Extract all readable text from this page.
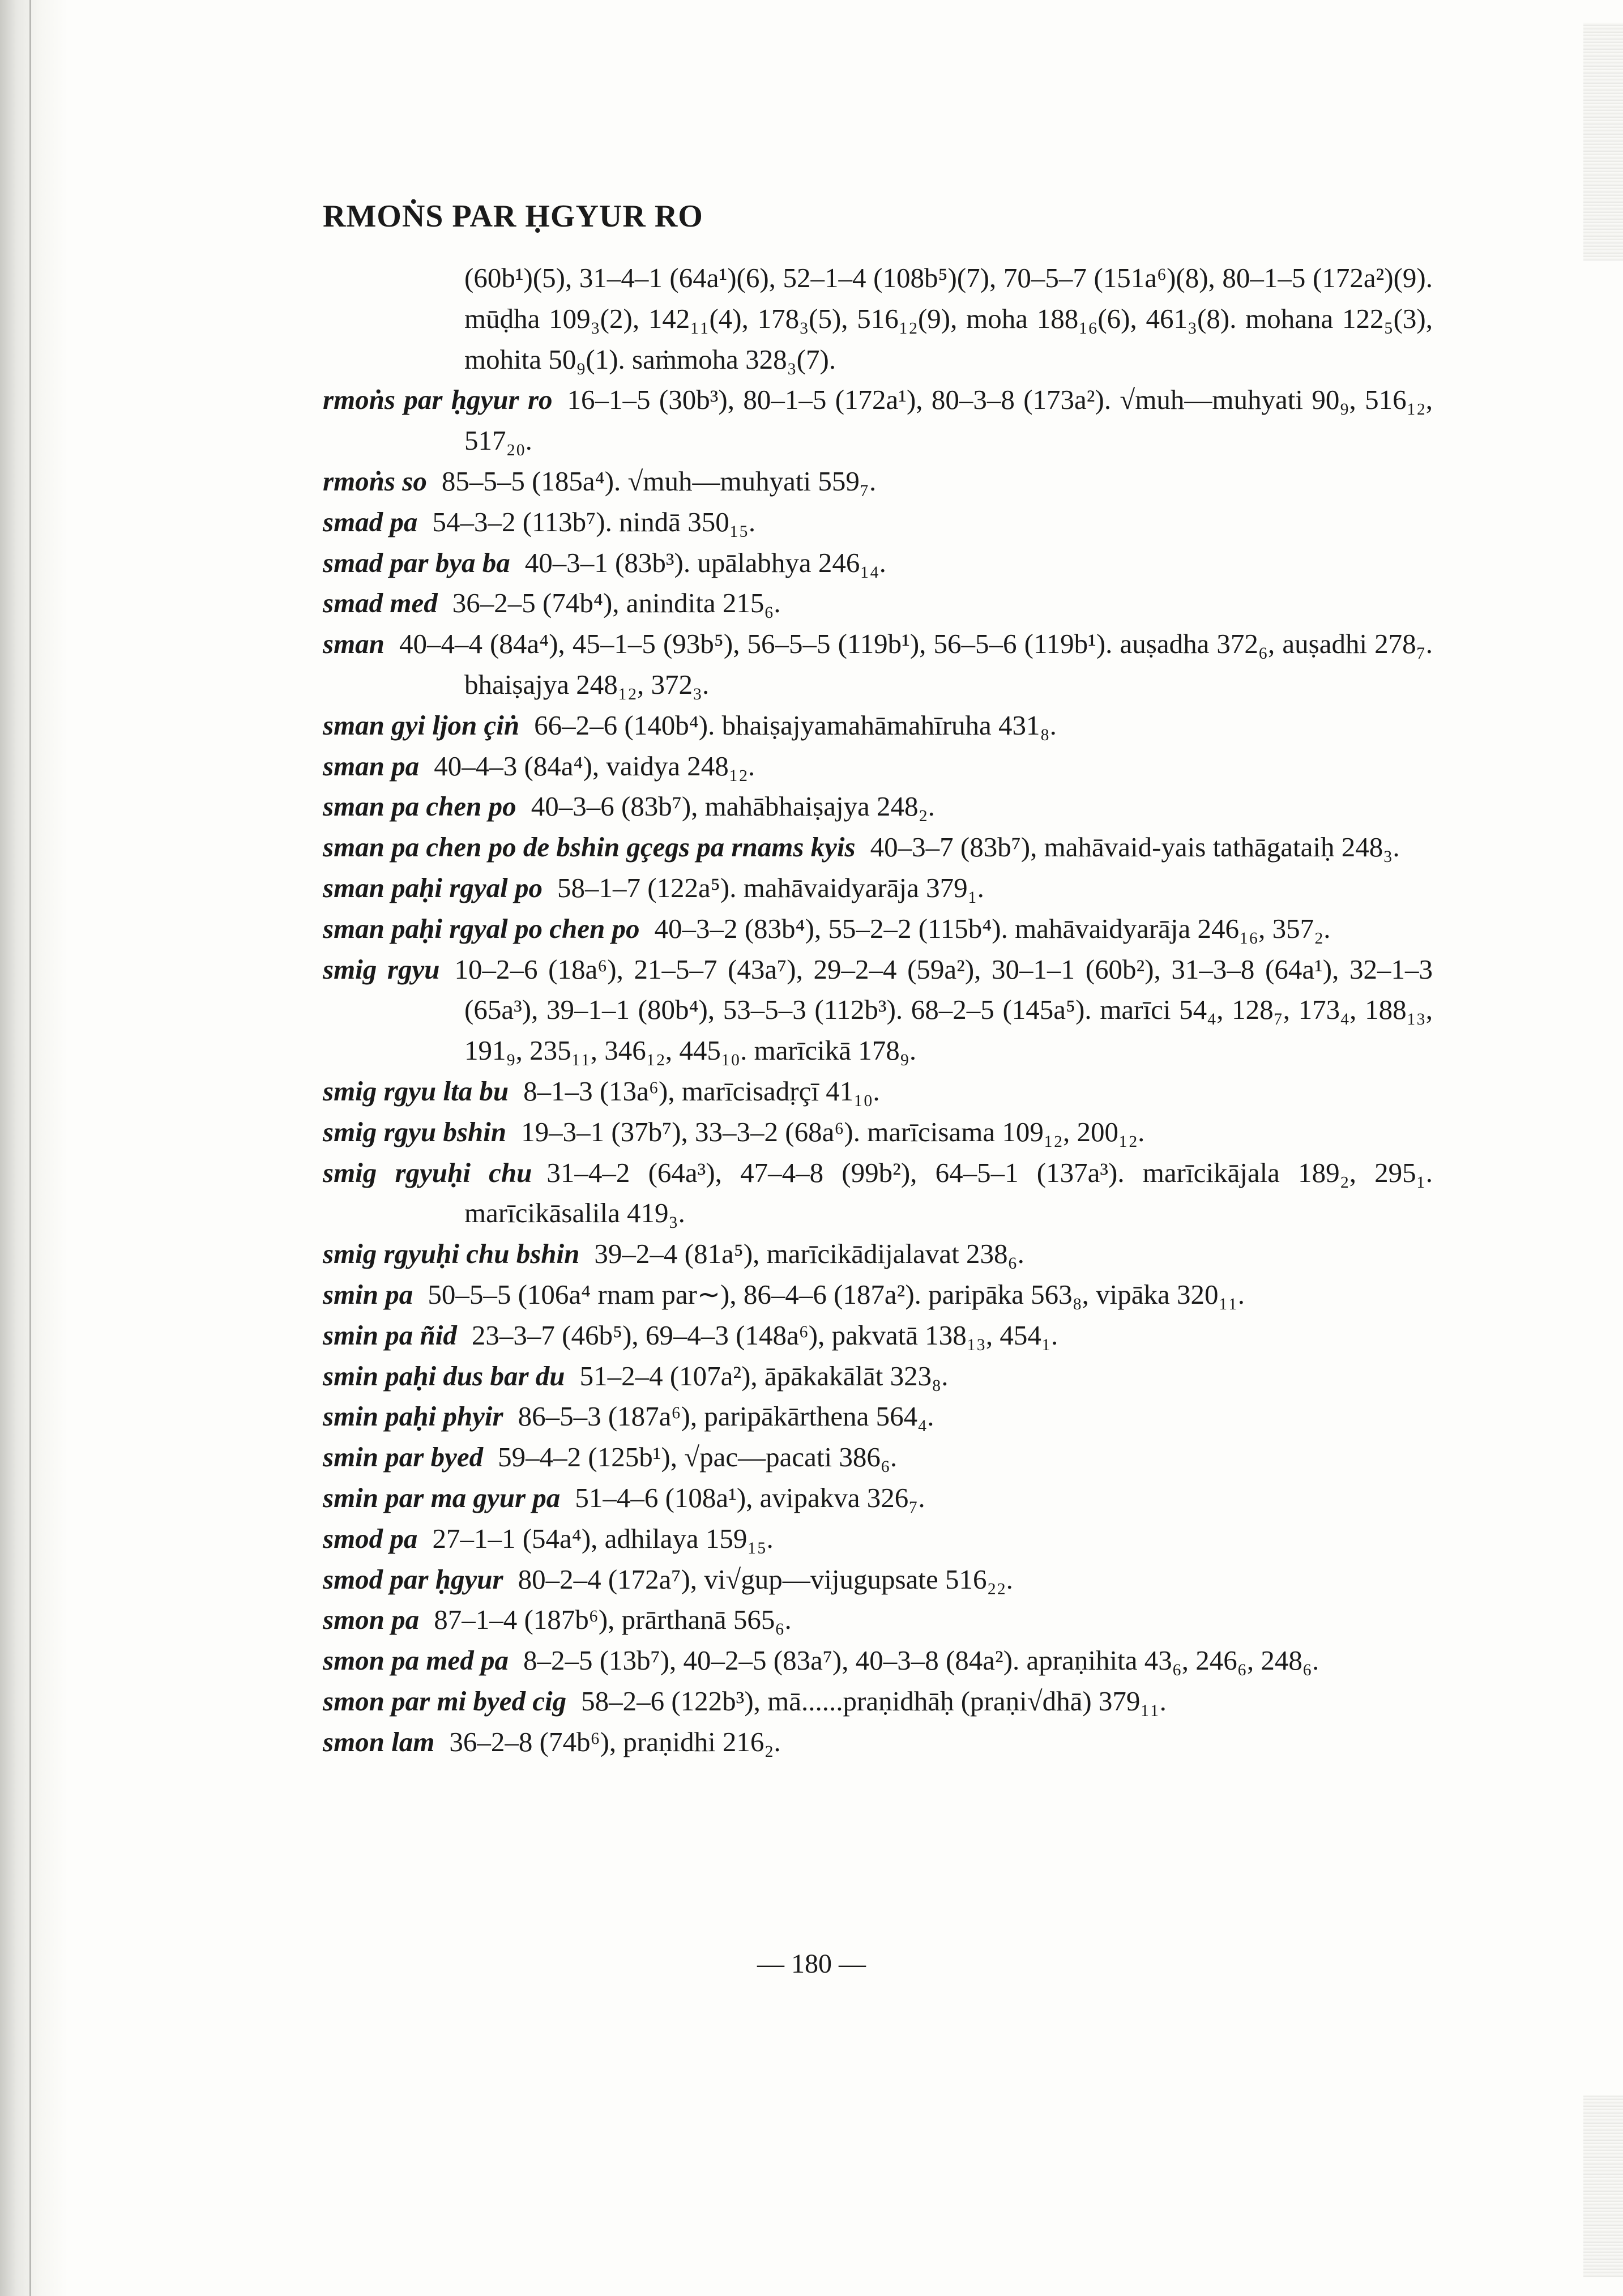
RMOṄS PAR ḤGYUR RO
(60b¹)(5), 31–4–1 (64a¹)(6), 52–1–4 (108b⁵)(7), 70–5–7 (151a⁶)(8), 80–1–5 (172a²)(9). mūḍha 109₃(2), 142₁₁(4), 178₃(5), 516₁₂(9), moha 188₁₆(6), 461₃(8). mohana 122₅(3), mohita 50₉(1). saṁmoha 328₃(7).
rmoṅs par ḥgyur ro 16–1–5 (30b³), 80–1–5 (172a¹), 80–3–8 (173a²). √muh—muhyati 90₉, 516₁₂, 517₂₀.
rmoṅs so 85–5–5 (185a⁴). √muh—muhyati 559₇.
smad pa 54–3–2 (113b⁷). nindā 350₁₅.
smad par bya ba 40–3–1 (83b³). upālabhya 246₁₄.
smad med 36–2–5 (74b⁴), anindita 215₆.
sman 40–4–4 (84a⁴), 45–1–5 (93b⁵), 56–5–5 (119b¹), 56–5–6 (119b¹). auṣadha 372₆, auṣadhi 278₇. bhaiṣajya 248₁₂, 372₃.
sman gyi ljon çiṅ 66–2–6 (140b⁴). bhaiṣajyamahāmahīruha 431₈.
sman pa 40–4–3 (84a⁴), vaidya 248₁₂.
sman pa chen po 40–3–6 (83b⁷), mahābhaiṣajya 248₂.
sman pa chen po de bshin gçegs pa rnams kyis 40–3–7 (83b⁷), mahāvaid-yais tathāgataiḥ 248₃.
sman paḥi rgyal po 58–1–7 (122a⁵). mahāvaidyarāja 379₁.
sman paḥi rgyal po chen po 40–3–2 (83b⁴), 55–2–2 (115b⁴). mahāvaidyarāja 246₁₆, 357₂.
smig rgyu 10–2–6 (18a⁶), 21–5–7 (43a⁷), 29–2–4 (59a²), 30–1–1 (60b²), 31–3–8 (64a¹), 32–1–3 (65a³), 39–1–1 (80b⁴), 53–5–3 (112b³). 68–2–5 (145a⁵). marīci 54₄, 128₇, 173₄, 188₁₃, 191₉, 235₁₁, 346₁₂, 445₁₀. marīcikā 178₉.
smig rgyu lta bu 8–1–3 (13a⁶), marīcisadṛçī 41₁₀.
smig rgyu bshin 19–3–1 (37b⁷), 33–3–2 (68a⁶). marīcisama 109₁₂, 200₁₂.
smig rgyuḥi chu 31–4–2 (64a³), 47–4–8 (99b²), 64–5–1 (137a³). marīcikājala 189₂, 295₁. marīcikāsalila 419₃.
smig rgyuḥi chu bshin 39–2–4 (81a⁵), marīcikādijalavat 238₆.
smin pa 50–5–5 (106a⁴ rnam par∼), 86–4–6 (187a²). paripāka 563₈, vipāka 320₁₁.
smin pa ñid 23–3–7 (46b⁵), 69–4–3 (148a⁶), pakvatā 138₁₃, 454₁.
smin paḥi dus bar du 51–2–4 (107a²), āpākakālāt 323₈.
smin paḥi phyir 86–5–3 (187a⁶), paripākārthena 564₄.
smin par byed 59–4–2 (125b¹), √pac—pacati 386₆.
smin par ma gyur pa 51–4–6 (108a¹), avipakva 326₇.
smod pa 27–1–1 (54a⁴), adhilaya 159₁₅.
smod par ḥgyur 80–2–4 (172a⁷), vi√gup—vijugupsate 516₂₂.
smon pa 87–1–4 (187b⁶), prārthanā 565₆.
smon pa med pa 8–2–5 (13b⁷), 40–2–5 (83a⁷), 40–3–8 (84a²). apraṇihita 43₆, 246₆, 248₆.
smon par mi byed cig 58–2–6 (122b³), mā......praṇidhāḥ (praṇi√dhā) 379₁₁.
smon lam 36–2–8 (74b⁶), praṇidhi 216₂.
— 180 —
